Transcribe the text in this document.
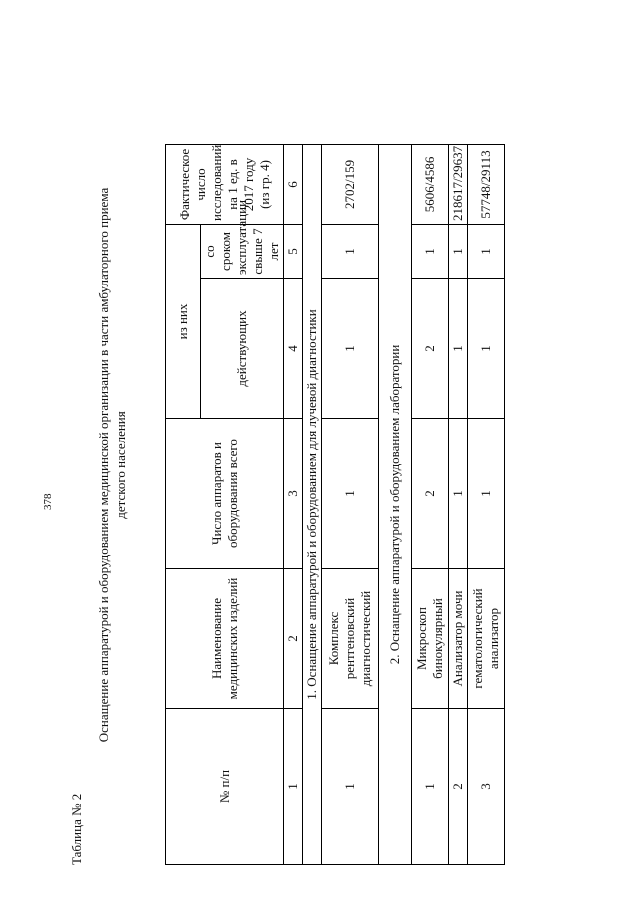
Таблица № 2
Оснащение аппаратурой и оборудованием медицинской организации в части амбулаторного приема детского населения
378
№ п/п	Наименование медицинских изделий	Число аппаратов и оборудования всего	из них		Фактическое число исследований на 1 ед. в 2017 году (из гр. 4)
			действующих	со сроком эксплуатации свыше 7 лет	
1	2	3	4	5	6
1. Оснащение аппаратурой и оборудованием для лучевой диагностики					
1	Комплекс рентгеновский диагностический	1	1	1	2702/159
2. Оснащение аппаратурой и оборудованием лаборатории					
1	Микроскоп бинокулярный	2	2	1	5606/4586
2	Анализатор мочи	1	1	1	218617/29637
3	гематологический анализатор	1	1	1	57748/29113
